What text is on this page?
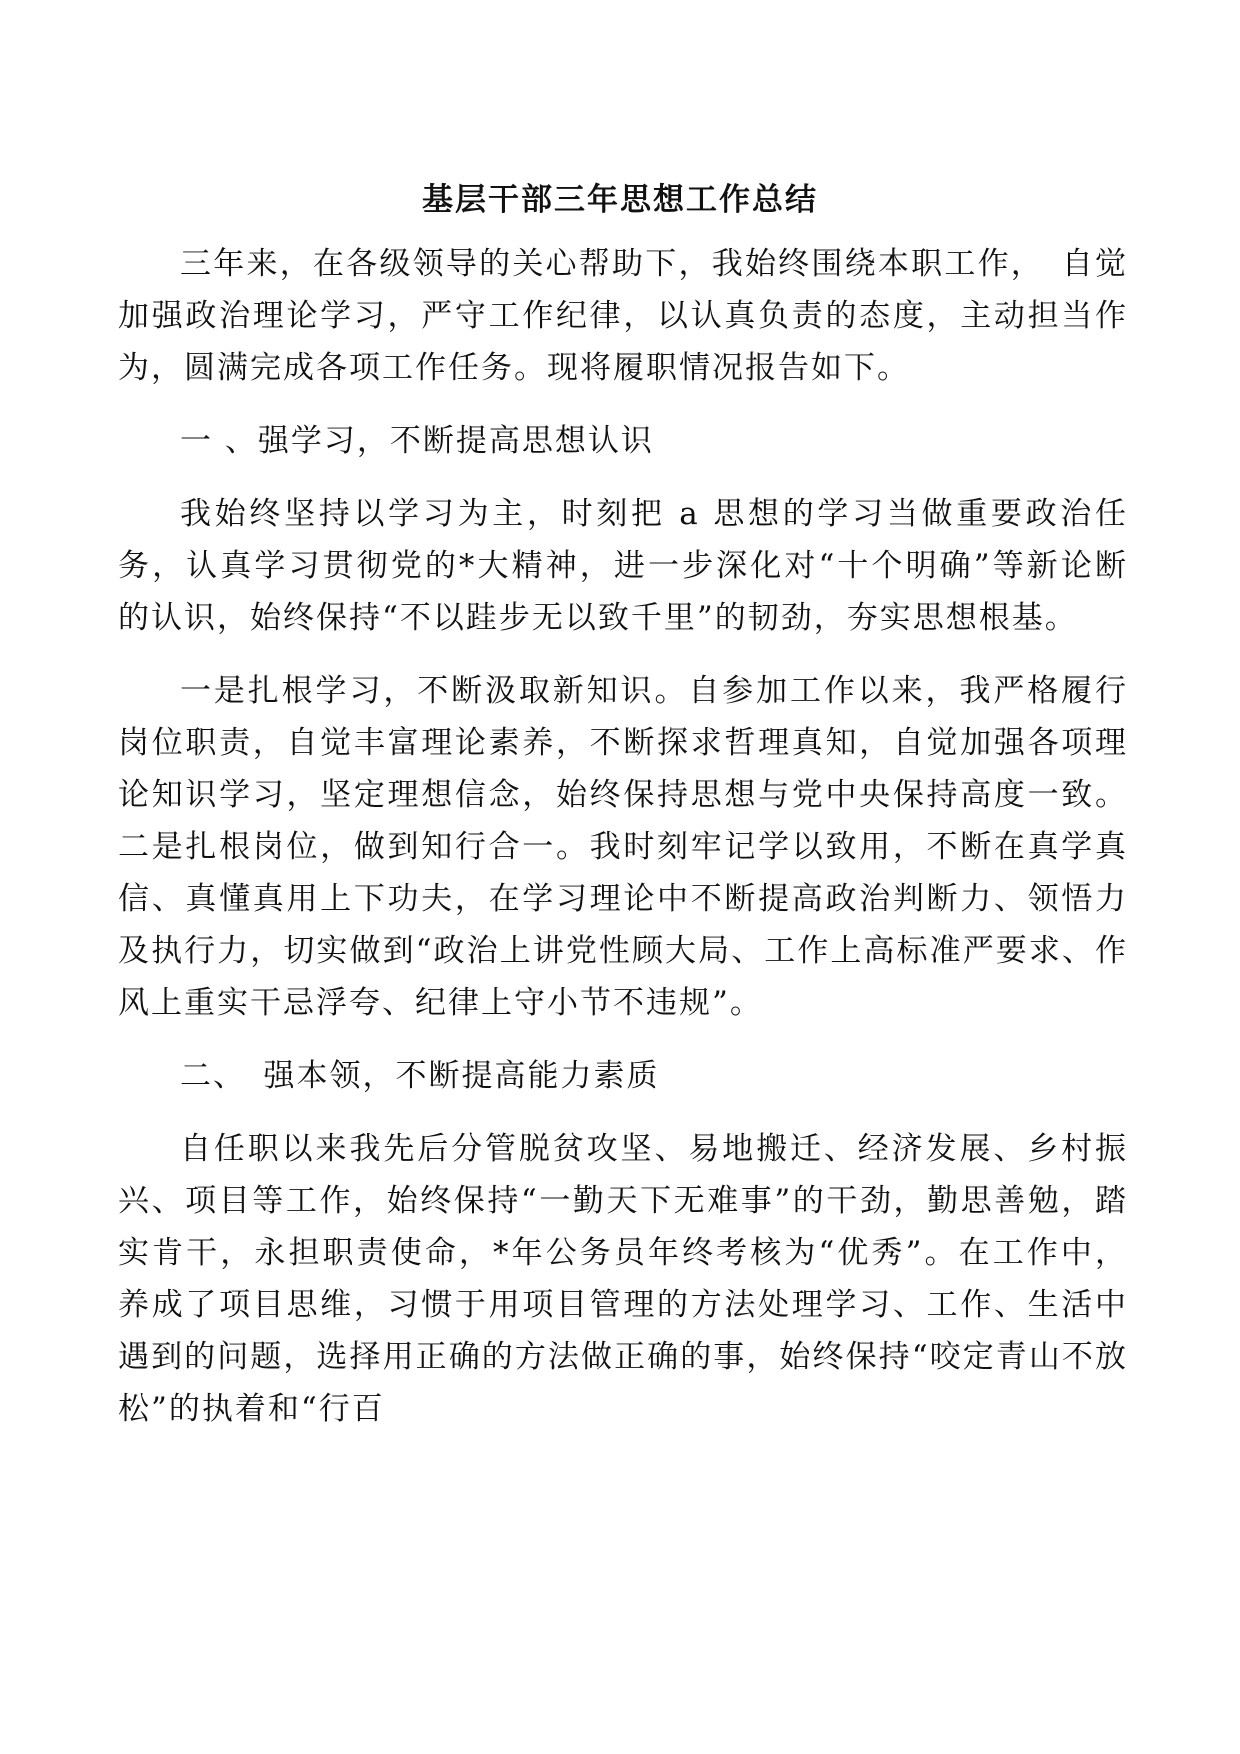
基层干部三年思想工作总结

三年来，在各级领导的关心帮助下，我始终围绕本职工作，　自觉加强政治理论学习，严守工作纪律，以认真负责的态度，主动担当作为，圆满完成各项工作任务。现将履职情况报告如下。

一 、强学习，不断提高思想认识

我始终坚持以学习为主，时刻把 a 思想的学习当做重要政治任务，认真学习贯彻党的*大精神，进一步深化对“十个明确”等新论断的认识，始终保持“不以跬步无以致千里”的韧劲，夯实思想根基。

一是扎根学习，不断汲取新知识。自参加工作以来，我严格履行岗位职责，自觉丰富理论素养，不断探求哲理真知，自觉加强各项理论知识学习，坚定理想信念，始终保持思想与党中央保持高度一致。二是扎根岗位，做到知行合一。我时刻牢记学以致用，不断在真学真信、真懂真用上下功夫，在学习理论中不断提高政治判断力、领悟力及执行力，切实做到“政治上讲党性顾大局、工作上高标准严要求、作风上重实干忌浮夸、纪律上守小节不违规”。

二、　强本领，不断提高能力素质

自任职以来我先后分管脱贫攻坚、易地搬迁、经济发展、乡村振兴、项目等工作，始终保持“一勤天下无难事”的干劲，勤思善勉，踏实肯干，永担职责使命，*年公务员年终考核为“优秀”。在工作中，养成了项目思维，习惯于用项目管理的方法处理学习、工作、生活中遇到的问题，选择用正确的方法做正确的事，始终保持“咬定青山不放松”的执着和“行百
